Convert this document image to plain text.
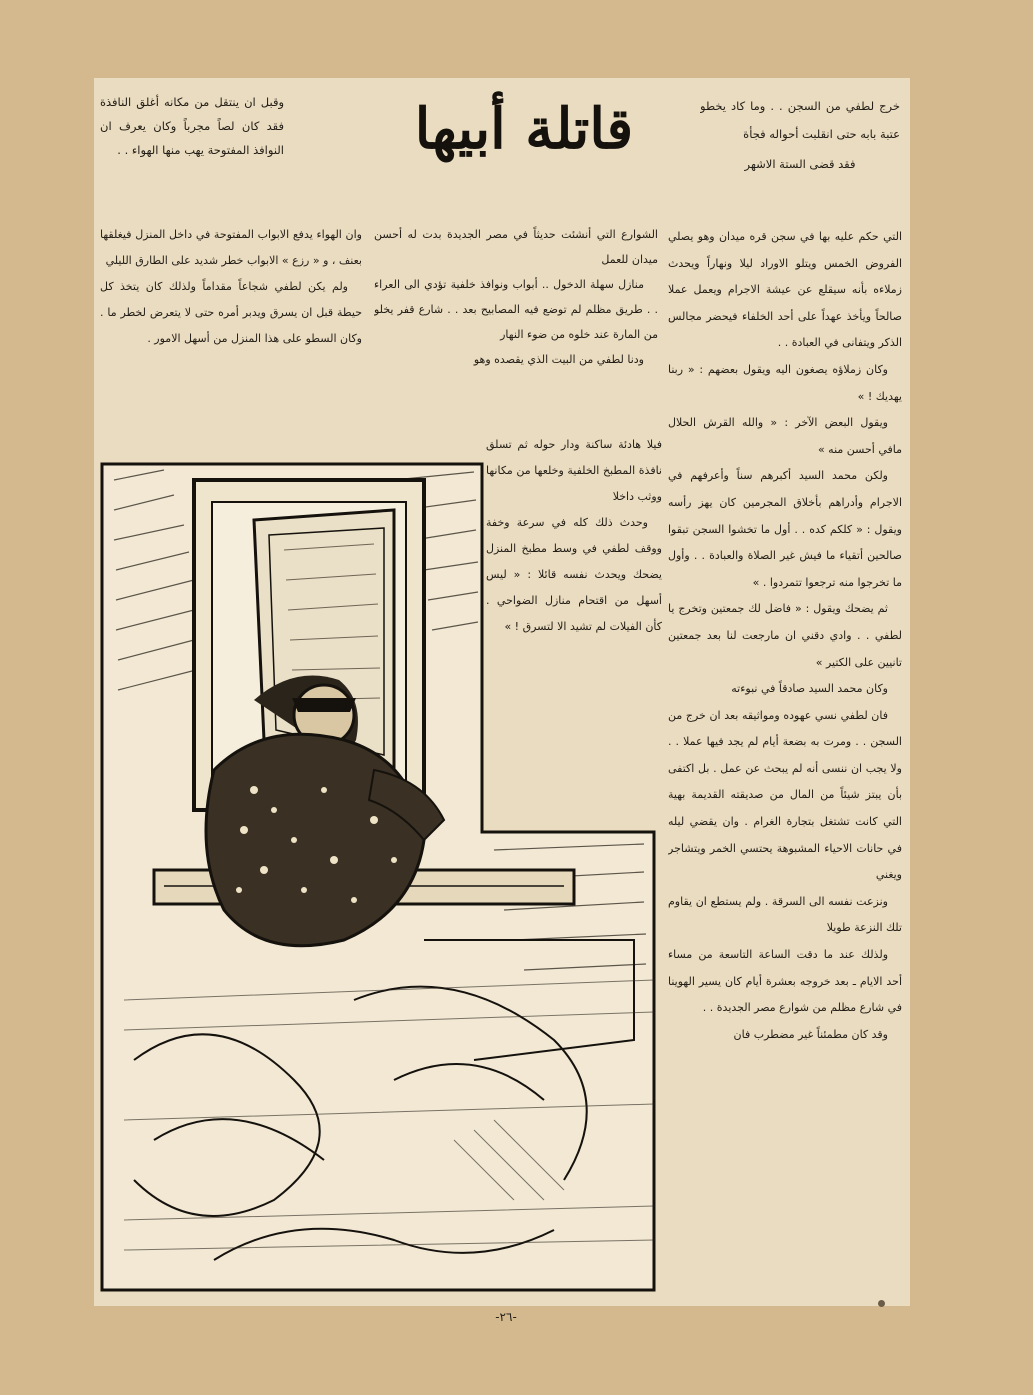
قاتلة أبيها	خرج لطفي من السجن . . وما كاد يخطو عتبة بابه حتى انقلبت أحواله فجأة

فقد قضى الستة الاشهر

وقبل ان ينتقل من مكانه أغلق النافذة فقد كان لصاً مجرباً وكان يعرف ان النوافذ المفتوحة يهب منها الهواء . .

التي حكم عليه بها في سجن قره ميدان وهو يصلي الفروض الخمس ويتلو الاوراد ليلا ونهاراً ويحدث زملاءه بأنه سيقلع عن عيشة الاجرام ويعمل عملا صالحاً ويأخذ عهداً على أحد الخلفاء فيحضر مجالس الذكر ويتفانى في العبادة . .

وكان زملاؤه يصغون اليه ويقول بعضهم : « ربنا يهديك ! »

ويقول البعض الآخر : « والله القرش الحلال مافي أحسن منه »

ولكن محمد السيد أكبرهم سناً وأعرفهم في الاجرام وأدراهم بأخلاق المجرمين كان يهز رأسه ويقول : « كلكم كده . . أول ما تخشوا السجن تبقوا صالحين أتقياء ما فيش غير الصلاة والعبادة . . وأول ما تخرجوا منه ترجعوا تتمردوا . »

ثم يضحك ويقول : « فاضل لك جمعتين وتخرج يا لطفي . . وادي دقني ان مارجعت لنا بعد جمعتين تانيين على الكتير »

وكان محمد السيد صادقاً في نبوءته

فان لطفي نسي عهوده ومواثيقه بعد ان خرج من السجن . . ومرت به بضعة أيام لم يجد فيها عملا . . ولا يجب ان ننسى أنه لم يبحث عن عمل . بل اكتفى بأن يبتز شيئاً من المال من صديقته القديمة بهية التي كانت تشتغل بتجارة الغرام . وان يقضي ليله في حانات الاحياء المشبوهة يحتسي الخمر ويتشاجر ويغني

ونزعت نفسه الى السرقة . ولم يستطع ان يقاوم تلك النزعة طويلا

ولذلك عند ما دقت الساعة التاسعة من مساء أحد الايام ـ بعد خروجه بعشرة أيام كان يسير الهوينا في شارع مظلم من شوارع مصر الجديدة . .

وقد كان مطمئناً غير مضطرب فان

الشوارع التي أنشئت حديثاً في مصر الجديدة بدت له أحسن ميدان للعمل

منازل سهلة الدخول .. أبواب ونوافذ خلفية تؤدي الى العراء . . طريق مظلم لم توضع فيه المصابيح بعد . . شارع قفر يخلو من المارة عند خلوه من ضوء النهار

ودنا لطفي من البيت الذي يقصده وهو

وان الهواء يدفع الابواب المفتوحة في داخل المنزل فيغلقها بعنف ، و « رزع » الابواب خطر شديد على الطارق الليلي

ولم يكن لطفي شجاعاً مقداماً ولذلك كان يتخذ كل حيطة قبل ان يسرق ويدبر أمره حتى لا يتعرض لخطر ما . وكان السطو على هذا المنزل من أسهل الامور .

فيلا هادئة ساكنة ودار حوله ثم تسلق نافذة المطبخ الخلفية وخلعها من مكانها ووثب داخلا

وحدث ذلك كله في سرعة وخفة ووقف لطفي في وسط مطبخ المنزل يضحك ويحدث نفسه قائلا : « ليس أسهل من اقتحام منازل الضواحي . كأن الفيلات لم تشيد الا لتسرق ! »

-٢٦-
